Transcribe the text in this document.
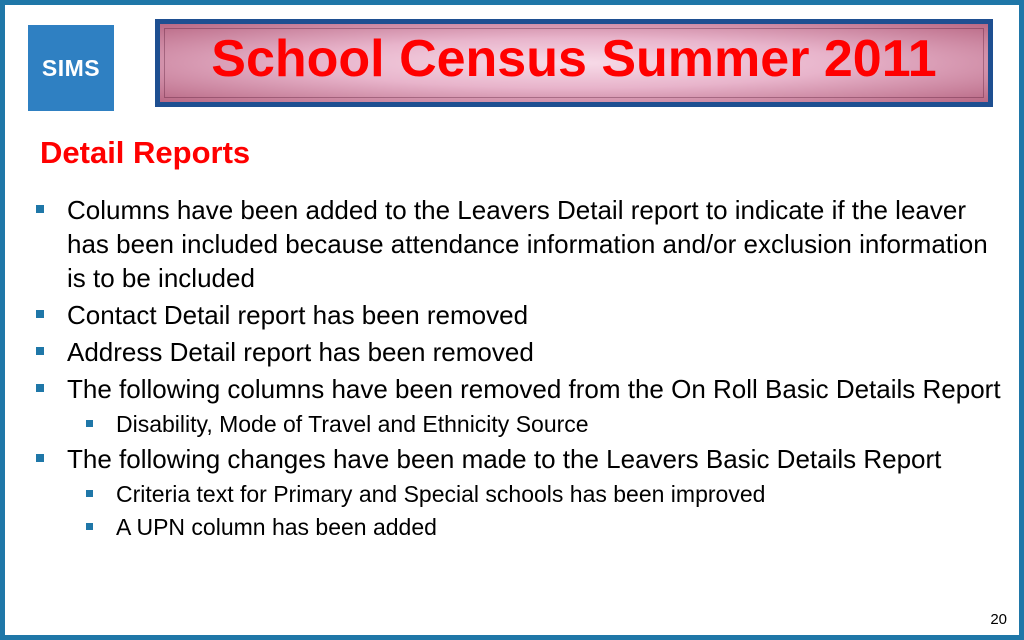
SIMS School Census Summer 2011
Detail Reports
Columns have been added to the Leavers Detail report to indicate if the leaver has been included because attendance information and/or exclusion information is to be included
Contact Detail report has been removed
Address Detail report has been removed
The following columns have been removed from the On Roll Basic Details Report
Disability, Mode of Travel and Ethnicity Source
The following changes have been made to the Leavers Basic Details Report
Criteria text for Primary and Special schools has been improved
A UPN column has been added
20
